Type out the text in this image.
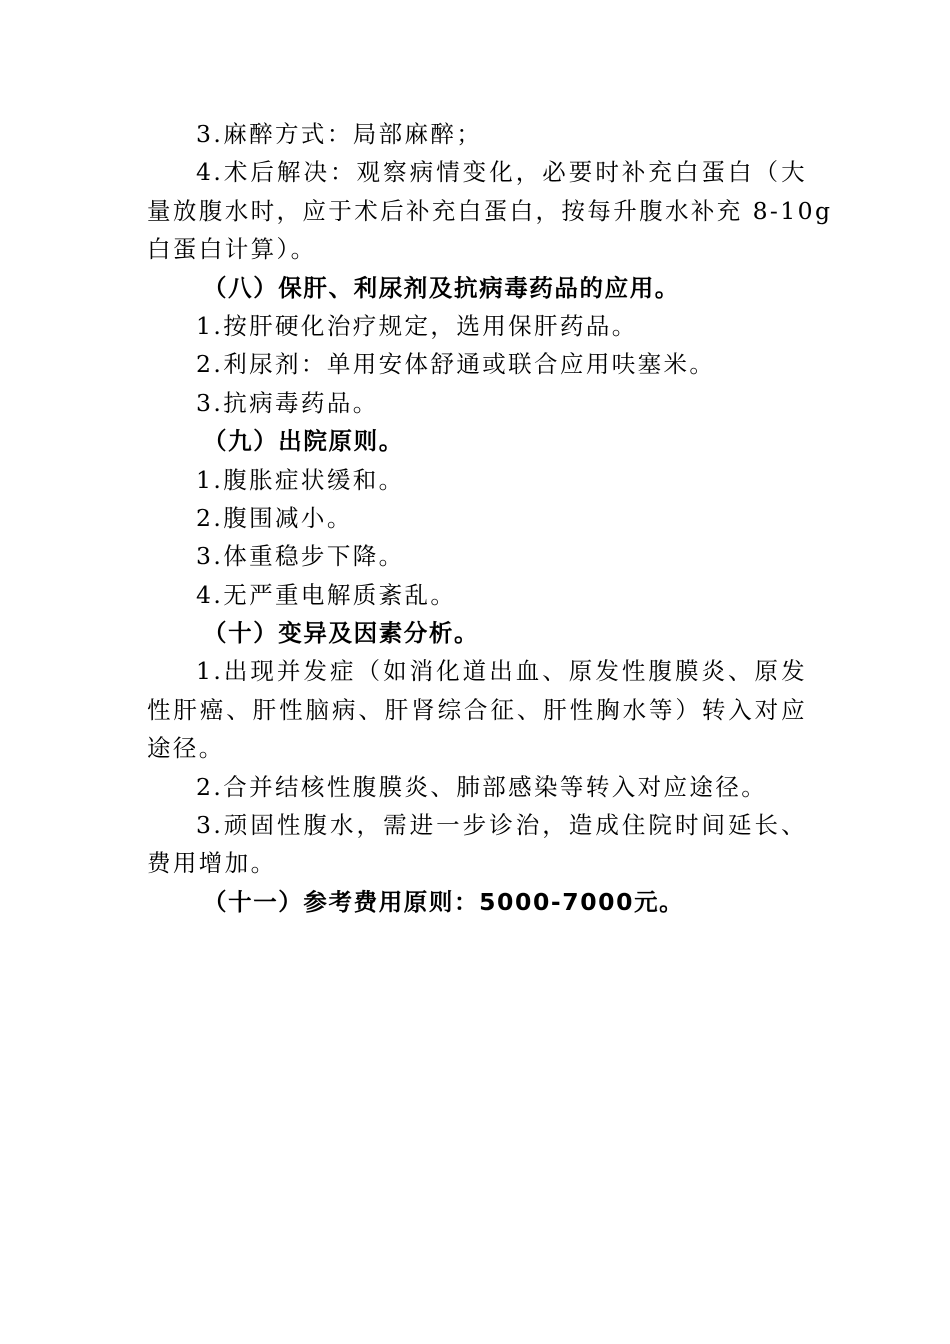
3.麻醉方式：局部麻醉；
4.术后解决：观察病情变化，必要时补充白蛋白（大
量放腹水时，应于术后补充白蛋白，按每升腹水补充 8-10g
白蛋白计算）。
（八）保肝、利尿剂及抗病毒药品的应用。
1.按肝硬化治疗规定，选用保肝药品。
2.利尿剂：单用安体舒通或联合应用呋塞米。
3.抗病毒药品。
（九）出院原则。
1.腹胀症状缓和。
2.腹围减小。
3.体重稳步下降。
4.无严重电解质紊乱。
（十）变异及因素分析。
1.出现并发症（如消化道出血、原发性腹膜炎、原发
性肝癌、肝性脑病、肝肾综合征、肝性胸水等）转入对应
途径。
2.合并结核性腹膜炎、肺部感染等转入对应途径。
3.顽固性腹水，需进一步诊治，造成住院时间延长、
费用增加。
（十一）参考费用原则：5000-7000元。
